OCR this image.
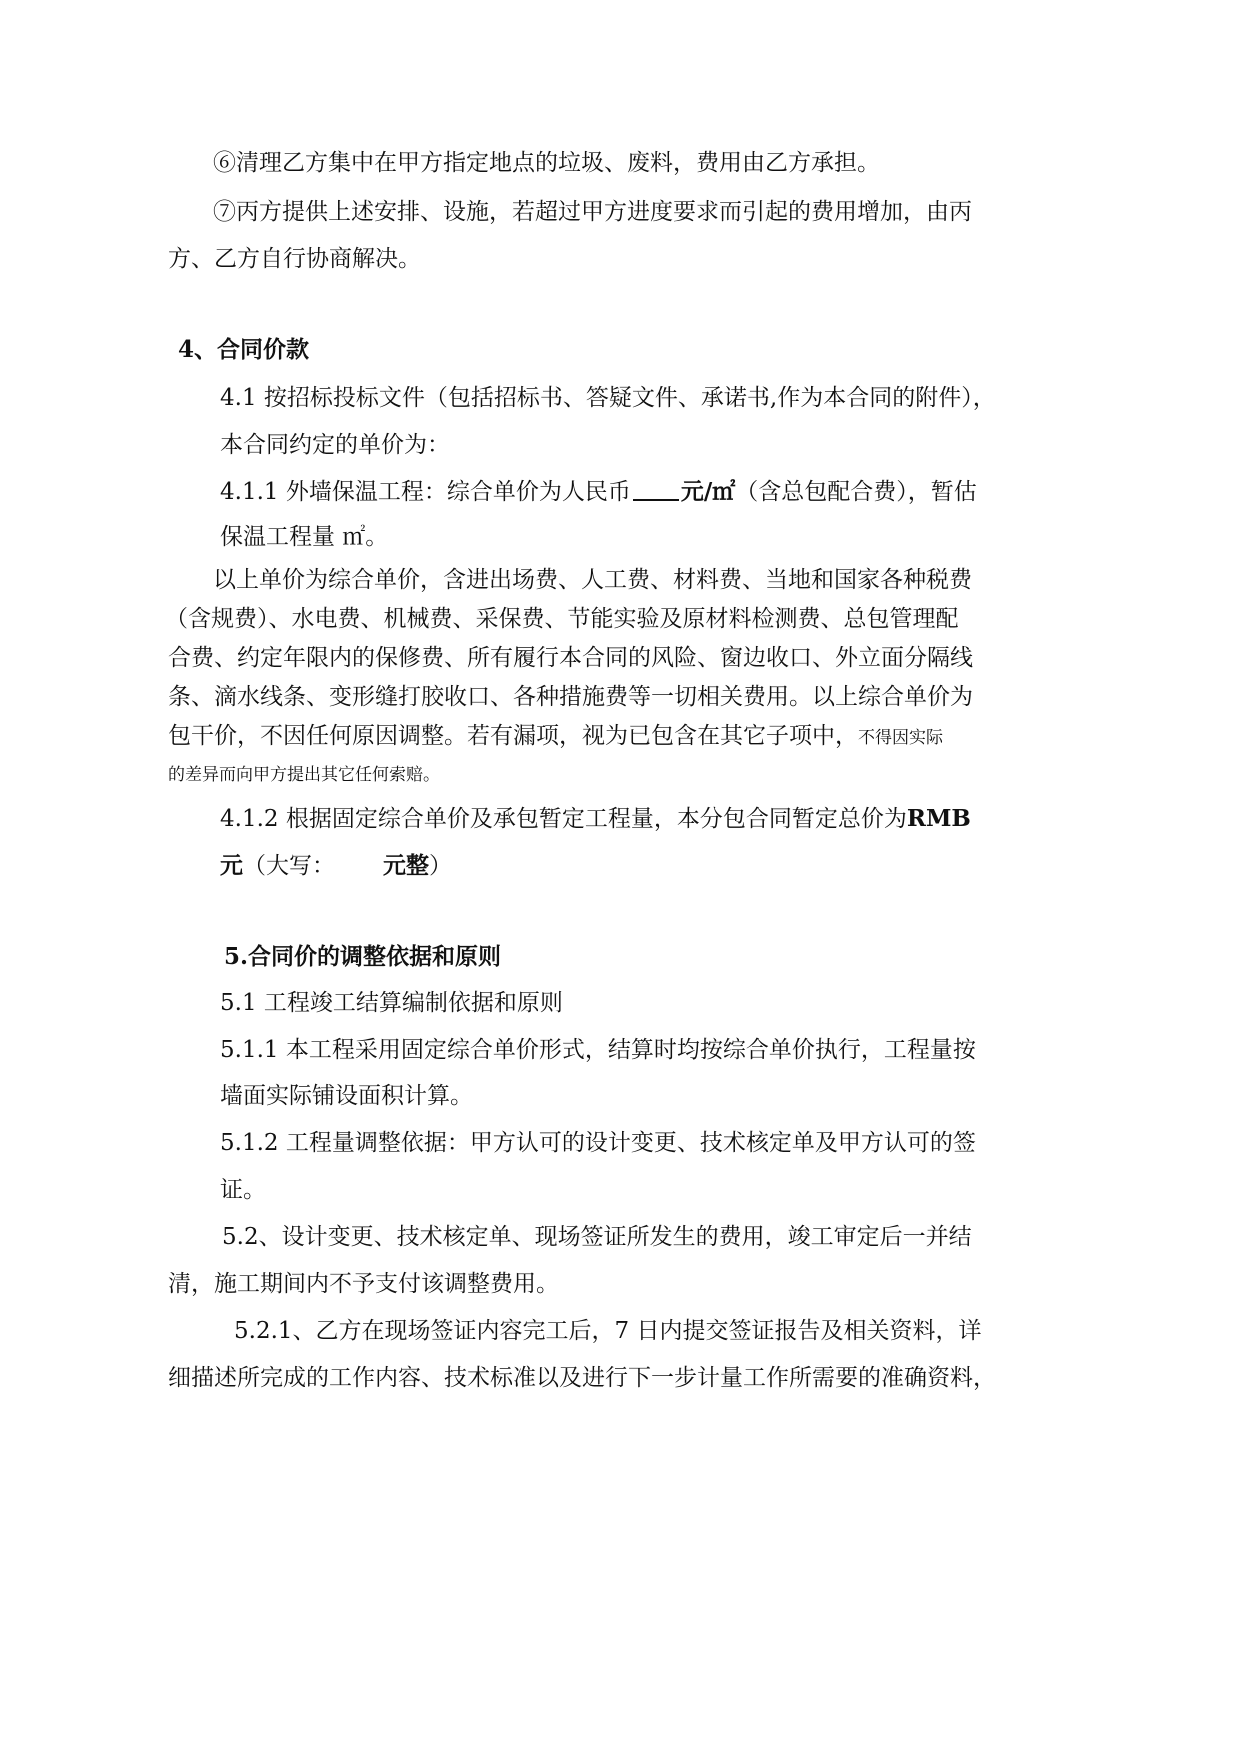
⑥清理乙方集中在甲方指定地点的垃圾、废料，费用由乙方承担。

⑦丙方提供上述安排、设施，若超过甲方进度要求而引起的费用增加，由丙

方、乙方自行协商解决。

4、合同价款

4.1 按招标投标文件（包括招标书、答疑文件、承诺书,作为本合同的附件），

本合同约定的单价为：

4.1.1 外墙保温工程：综合单价为人民币 元/㎡（含总包配合费），暂估

保温工程量 ㎡。

以上单价为综合单价，含进出场费、人工费、材料费、当地和国家各种税费

（含规费）、水电费、机械费、采保费、节能实验及原材料检测费、总包管理配

合费、约定年限内的保修费、所有履行本合同的风险、窗边收口、外立面分隔线

条、滴水线条、变形缝打胶收口、各种措施费等一切相关费用。以上综合单价为

包干价，不因任何原因调整。若有漏项，视为已包含在其它子项中，不得因实际

的差异而向甲方提出其它任何索赔。

4.1.2 根据固定综合单价及承包暂定工程量，本分包合同暂定总价为RMB

元（大写： 元整）

5.合同价的调整依据和原则

5.1 工程竣工结算编制依据和原则

5.1.1 本工程采用固定综合单价形式，结算时均按综合单价执行，工程量按

墙面实际铺设面积计算。

5.1.2 工程量调整依据：甲方认可的设计变更、技术核定单及甲方认可的签

证。

5.2、设计变更、技术核定单、现场签证所发生的费用，竣工审定后一并结

清，施工期间内不予支付该调整费用。

5.2.1、乙方在现场签证内容完工后，7 日内提交签证报告及相关资料，详

细描述所完成的工作内容、技术标准以及进行下一步计量工作所需要的准确资料，
